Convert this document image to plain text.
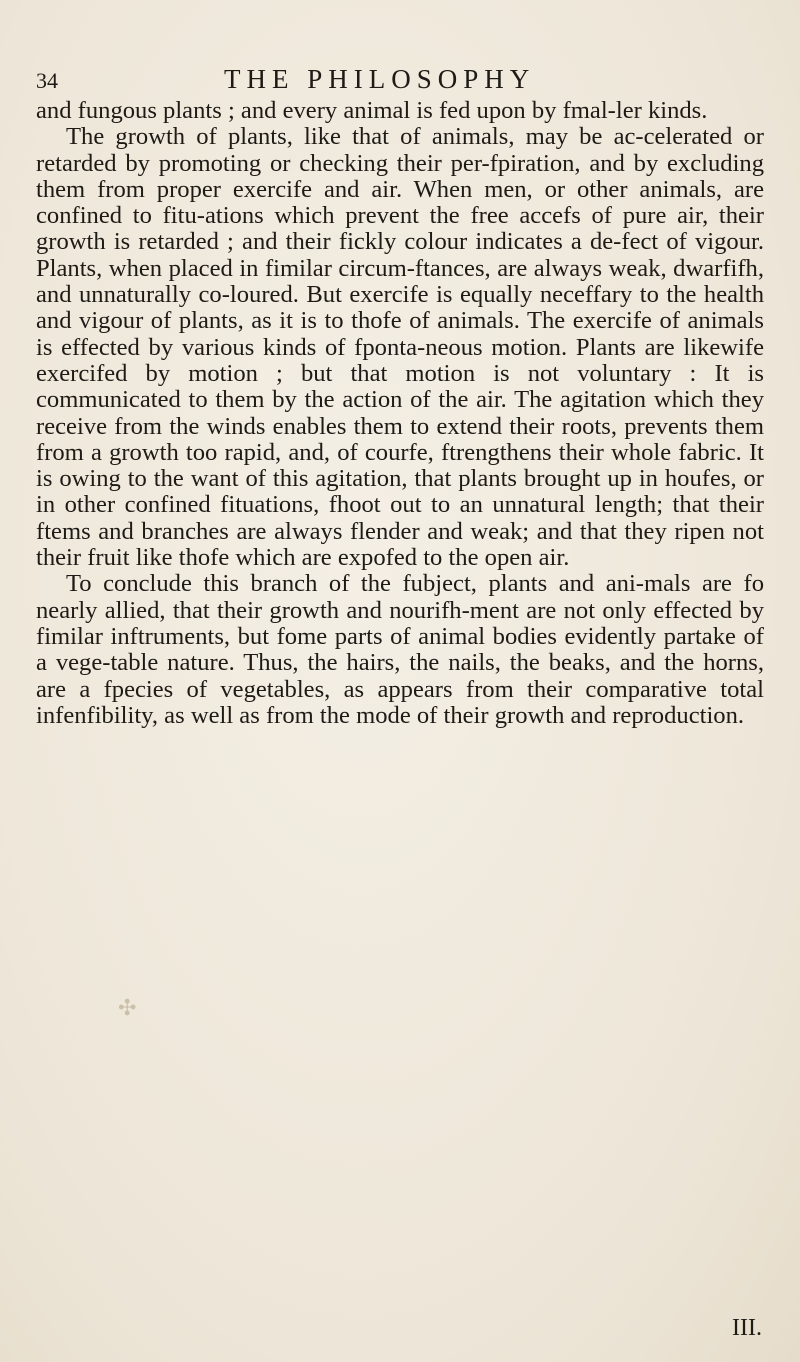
34	THE PHILOSOPHY

and fungous plants ; and every animal is fed upon by fmal-ler kinds.

The growth of plants, like that of animals, may be ac-celerated or retarded by promoting or checking their per-fpiration, and by excluding them from proper exercife and air. When men, or other animals, are confined to fitu-ations which prevent the free accefs of pure air, their growth is retarded ; and their fickly colour indicates a de-fect of vigour. Plants, when placed in fimilar circum-ftances, are always weak, dwarfifh, and unnaturally co-loured. But exercife is equally neceffary to the health and vigour of plants, as it is to thofe of animals. The exercife of animals is effected by various kinds of fponta-neous motion. Plants are likewife exercifed by motion ; but that motion is not voluntary : It is communicated to them by the action of the air. The agitation which they receive from the winds enables them to extend their roots, prevents them from a growth too rapid, and, of courfe, ftrengthens their whole fabric. It is owing to the want of this agitation, that plants brought up in houfes, or in other confined fituations, fhoot out to an unnatural length; that their ftems and branches are always flender and weak; and that they ripen not their fruit like thofe which are expofed to the open air.

To conclude this branch of the fubject, plants and ani-mals are fo nearly allied, that their growth and nourifh-ment are not only effected by fimilar inftruments, but fome parts of animal bodies evidently partake of a vege-table nature. Thus, the hairs, the nails, the beaks, and the horns, are a fpecies of vegetables, as appears from their comparative total infenfibility, as well as from the mode of their growth and reproduction.

✣
III.
